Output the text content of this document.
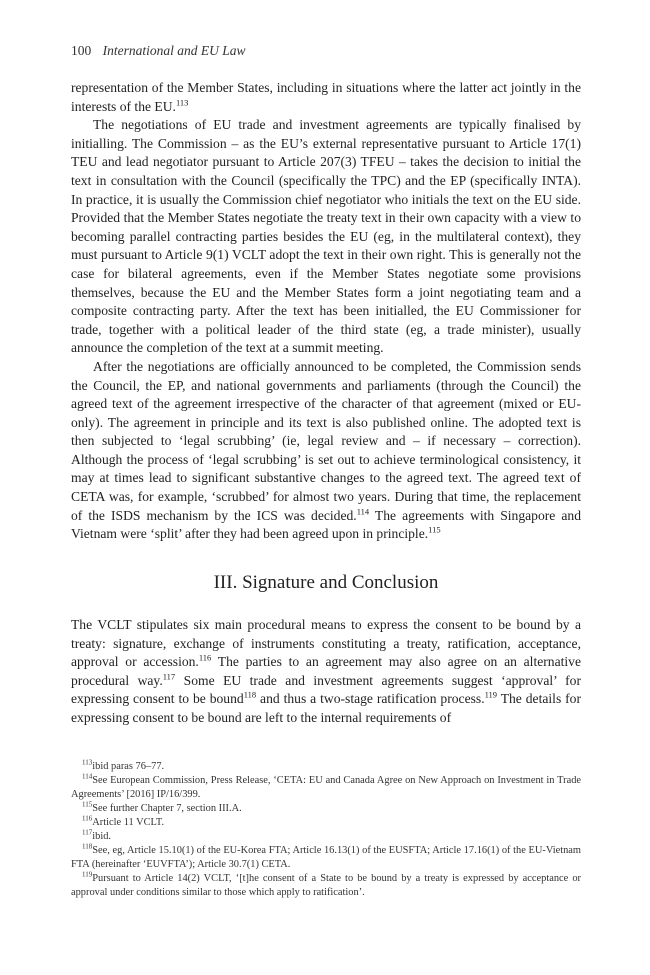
100 International and EU Law

representation of the Member States, including in situations where the latter act jointly in the interests of the EU.$^{113}$

The negotiations of EU trade and investment agreements are typically finalised by initialling. The Commission – as the EU’s external representative pursuant to Article 17(1) TEU and lead negotiator pursuant to Article 207(3) TFEU – takes the decision to initial the text in consultation with the Council (specifically the TPC) and the EP (specifically INTA). In practice, it is usually the Commission chief negotiator who initials the text on the EU side. Provided that the Member States negotiate the treaty text in their own capacity with a view to becoming parallel contracting parties besides the EU (eg, in the multilateral context), they must pursuant to Article 9(1) VCLT adopt the text in their own right. This is generally not the case for bilateral agreements, even if the Member States negotiate some provisions themselves, because the EU and the Member States form a joint negotiating team and a composite contracting party. After the text has been initialled, the EU Commissioner for trade, together with a political leader of the third state (eg, a trade minister), usually announce the completion of the text at a summit meeting.

After the negotiations are officially announced to be completed, the Commission sends the Council, the EP, and national governments and parliaments (through the Council) the agreed text of the agreement irrespective of the character of that agreement (mixed or EU-only). The agreement in principle and its text is also published online. The adopted text is then subjected to ‘legal scrubbing’ (ie, legal review and – if necessary – correction). Although the process of ‘legal scrubbing’ is set out to achieve terminological consistency, it may at times lead to significant substantive changes to the agreed text. The agreed text of CETA was, for example, ‘scrubbed’ for almost two years. During that time, the replacement of the ISDS mechanism by the ICS was decided.$^{114}$ The agreements with Singapore and Vietnam were ‘split’ after they had been agreed upon in principle.$^{115}$

III. Signature and Conclusion

The VCLT stipulates six main procedural means to express the consent to be bound by a treaty: signature, exchange of instruments constituting a treaty, ratification, acceptance, approval or accession.$^{116}$ The parties to an agreement may also agree on an alternative procedural way.$^{117}$ Some EU trade and investment agreements suggest ‘approval’ for expressing consent to be bound$^{118}$ and thus a two-stage ratification process.$^{119}$ The details for expressing consent to be bound are left to the internal requirements of

$^{113}$ibid paras 76–77.

$^{114}$See European Commission, Press Release, ‘CETA: EU and Canada Agree on New Approach on Investment in Trade Agreements’ [2016] IP/16/399.

$^{115}$See further Chapter 7, section III.A.

$^{116}$Article 11 VCLT.

$^{117}$ibid.

$^{118}$See, eg, Article 15.10(1) of the EU-Korea FTA; Article 16.13(1) of the EUSFTA; Article 17.16(1) of the EU-Vietnam FTA (hereinafter ‘EUVFTA’); Article 30.7(1) CETA.

$^{119}$Pursuant to Article 14(2) VCLT, ‘[t]he consent of a State to be bound by a treaty is expressed by acceptance or approval under conditions similar to those which apply to ratification’.
